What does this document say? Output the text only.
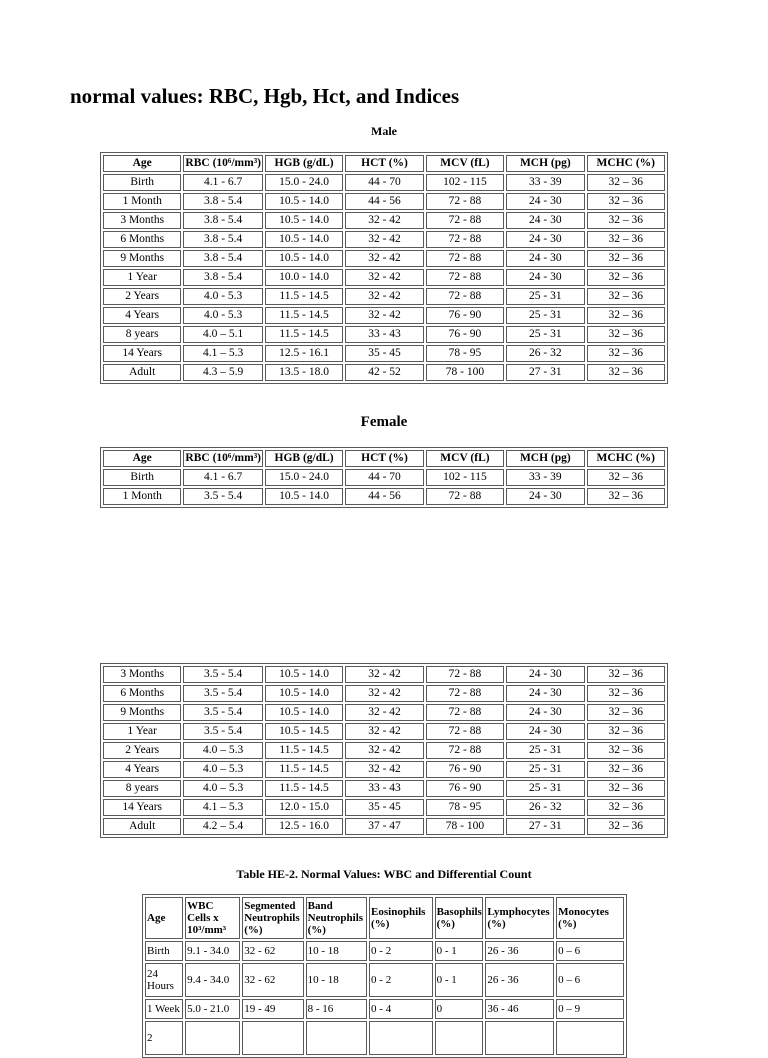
normal values: RBC, Hgb, Hct, and Indices
Male
Age	RBC (10⁶/mm³)	HGB (g/dL)	HCT (%)	MCV (fL)	MCH (pg)	MCHC (%)
Birth	4.1 - 6.7	15.0 - 24.0	44 - 70	102 - 115	33 - 39	32 – 36
1 Month	3.8 - 5.4	10.5 - 14.0	44 - 56	72 - 88	24 - 30	32 – 36
3 Months	3.8 - 5.4	10.5 - 14.0	32 - 42	72 - 88	24 - 30	32 – 36
6 Months	3.8 - 5.4	10.5 - 14.0	32 - 42	72 - 88	24 - 30	32 – 36
9 Months	3.8 - 5.4	10.5 - 14.0	32 - 42	72 - 88	24 - 30	32 – 36
1 Year	3.8 - 5.4	10.0 - 14.0	32 - 42	72 - 88	24 - 30	32 – 36
2 Years	4.0 - 5.3	11.5 - 14.5	32 - 42	72 - 88	25 - 31	32 – 36
4 Years	4.0 - 5.3	11.5 - 14.5	32 - 42	76 - 90	25 - 31	32 – 36
8 years	4.0 – 5.1	11.5 - 14.5	33 - 43	76 - 90	25 - 31	32 – 36
14 Years	4.1 – 5.3	12.5 - 16.1	35 - 45	78 - 95	26 - 32	32 – 36
Adult	4.3 – 5.9	13.5 - 18.0	42 - 52	78 - 100	27 - 31	32 – 36
Female
Age	RBC (10⁶/mm³)	HGB (g/dL)	HCT (%)	MCV (fL)	MCH (pg)	MCHC (%)
Birth	4.1 - 6.7	15.0 - 24.0	44 - 70	102 - 115	33 - 39	32 – 36
1 Month	3.5 - 5.4	10.5 - 14.0	44 - 56	72 - 88	24 - 30	32 – 36
3 Months	3.5 - 5.4	10.5 - 14.0	32 - 42	72 - 88	24 - 30	32 – 36
6 Months	3.5 - 5.4	10.5 - 14.0	32 - 42	72 - 88	24 - 30	32 – 36
9 Months	3.5 - 5.4	10.5 - 14.0	32 - 42	72 - 88	24 - 30	32 – 36
1 Year	3.5 - 5.4	10.5 - 14.5	32 - 42	72 - 88	24 - 30	32 – 36
2 Years	4.0 – 5.3	11.5 - 14.5	32 - 42	72 - 88	25 - 31	32 – 36
4 Years	4.0 – 5.3	11.5 - 14.5	32 - 42	76 - 90	25 - 31	32 – 36
8 years	4.0 – 5.3	11.5 - 14.5	33 - 43	76 - 90	25 - 31	32 – 36
14 Years	4.1 – 5.3	12.0 - 15.0	35 - 45	78 - 95	26 - 32	32 – 36
Adult	4.2 – 5.4	12.5 - 16.0	37 - 47	78 - 100	27 - 31	32 – 36
Table HE-2. Normal Values: WBC and Differential Count
Age	WBC Cells x 10³/mm³	Segmented Neutrophils (%)	Band Neutrophils (%)	Eosinophils (%)	Basophils (%)	Lymphocytes (%)	Monocytes (%)
Birth	9.1 - 34.0	32 - 62	10 - 18	0 - 2	0 - 1	26 - 36	0 – 6
24 Hours	9.4 - 34.0	32 - 62	10 - 18	0 - 2	0 - 1	26 - 36	0 – 6
1 Week	5.0 - 21.0	19 - 49	8 - 16	0 - 4	0	36 - 46	0 – 9
2							
